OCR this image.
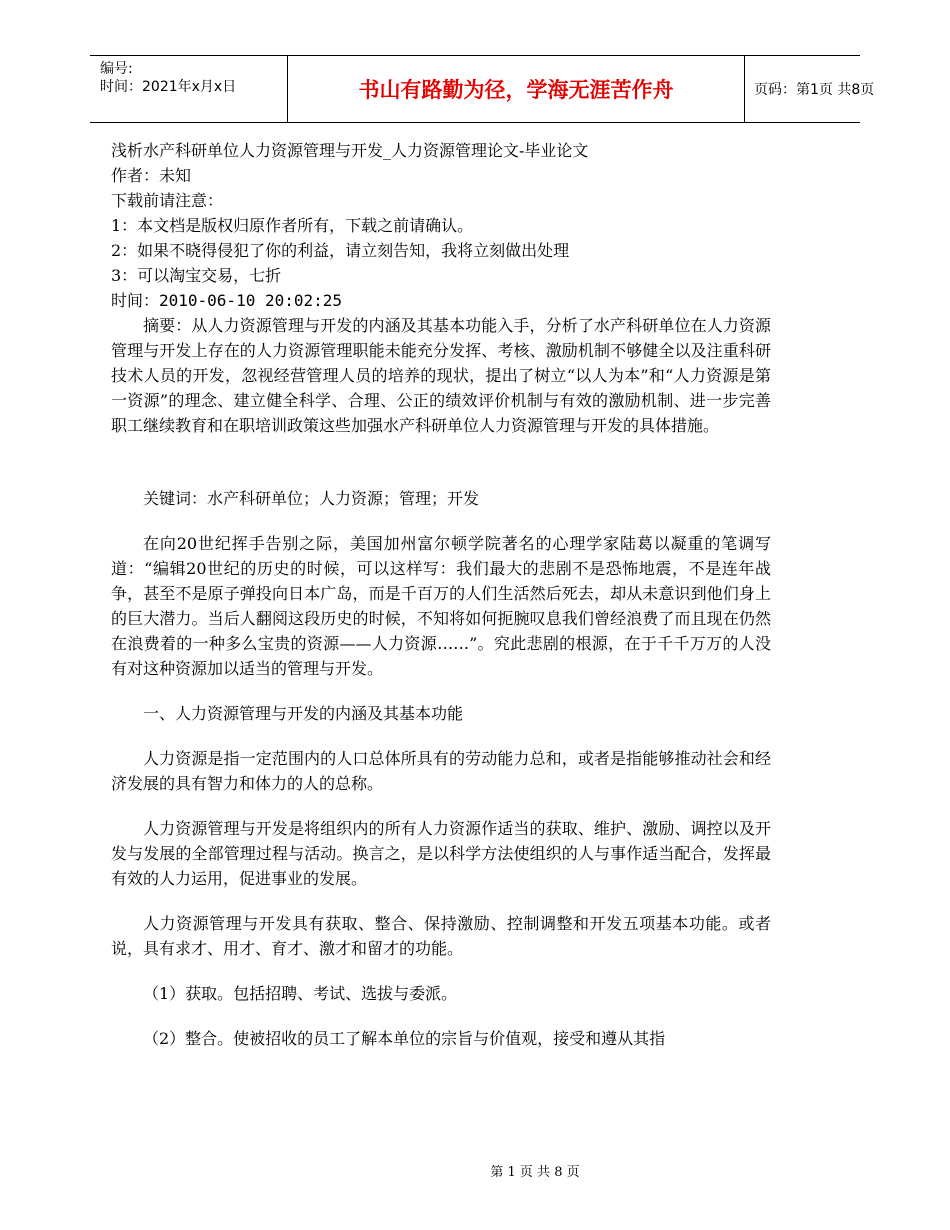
编号:
时间：2021年x月x日	书山有路勤为径，学海无涯苦作舟	页码：第1页 共8页
浅析水产科研单位人力资源管理与开发_人力资源管理论文-毕业论文
作者：未知
下载前请注意：
1：本文档是版权归原作者所有，下载之前请确认。
2：如果不晓得侵犯了你的利益，请立刻告知，我将立刻做出处理
3：可以淘宝交易，七折
时间：2010-06-10 20:02:25
摘要：从人力资源管理与开发的内涵及其基本功能入手，分析了水产科研单位在人力资源管理与开发上存在的人力资源管理职能未能充分发挥、考核、激励机制不够健全以及注重科研技术人员的开发，忽视经营管理人员的培养的现状，提出了树立“以人为本”和“人力资源是第一资源”的理念、建立健全科学、合理、公正的绩效评价机制与有效的激励机制、进一步完善职工继续教育和在职培训政策这些加强水产科研单位人力资源管理与开发的具体措施。
关键词：水产科研单位；人力资源；管理；开发
在向20世纪挥手告别之际，美国加州富尔顿学院著名的心理学家陆葛以凝重的笔调写道：“编辑20世纪的历史的时候，可以这样写：我们最大的悲剧不是恐怖地震，不是连年战争，甚至不是原子弹投向日本广岛，而是千百万的人们生活然后死去，却从未意识到他们身上的巨大潜力。当后人翻阅这段历史的时候，不知将如何扼腕叹息我们曾经浪费了而且现在仍然在浪费着的一种多么宝贵的资源——人力资源……”。究此悲剧的根源，在于千千万万的人没有对这种资源加以适当的管理与开发。
一、人力资源管理与开发的内涵及其基本功能
人力资源是指一定范围内的人口总体所具有的劳动能力总和，或者是指能够推动社会和经济发展的具有智力和体力的人的总称。
人力资源管理与开发是将组织内的所有人力资源作适当的获取、维护、激励、调控以及开发与发展的全部管理过程与活动。换言之，是以科学方法使组织的人与事作适当配合，发挥最有效的人力运用，促进事业的发展。
人力资源管理与开发具有获取、整合、保持激励、控制调整和开发五项基本功能。或者说，具有求才、用才、育才、激才和留才的功能。
（1）获取。包括招聘、考试、选拔与委派。
（2）整合。使被招收的员工了解本单位的宗旨与价值观，接受和遵从其指
第 1 页 共 8 页
